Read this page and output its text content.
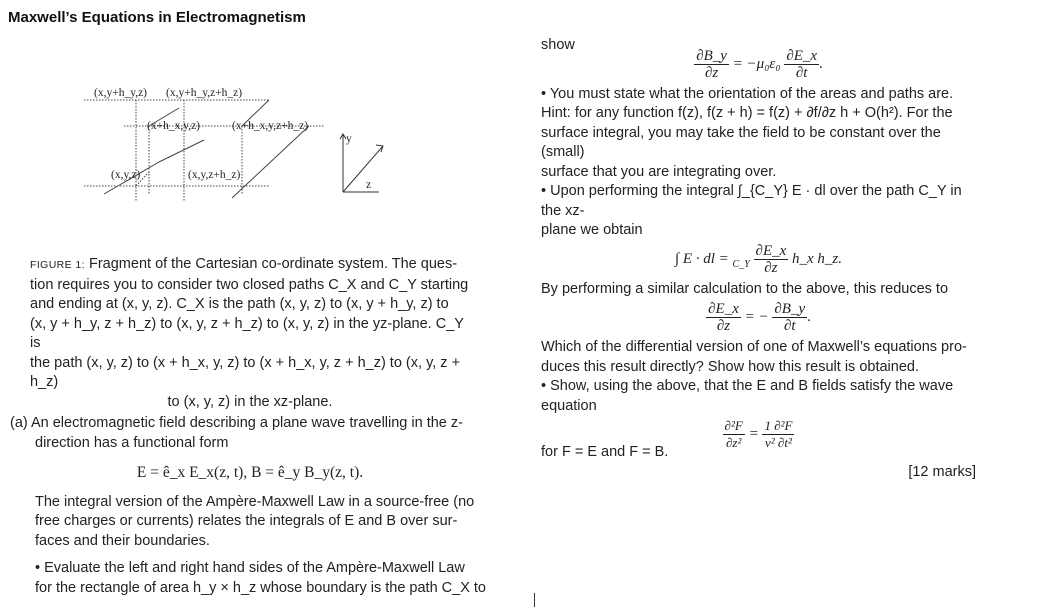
Maxwell’s Equations in Electromagnetism
(x,y+h_y,z) (x,y+h_y,z+h_z)
(x+h_x,y,z)	(x+h_x,y,z+h_z)
(x,y,z)	(x,y,z+h_z)
y
z
FIGURE 1: Fragment of the Cartesian co-ordinate system. The ques-
tion requires you to consider two closed paths C_X and C_Y starting
and ending at (x, y, z). C_X is the path (x, y, z) to (x, y + h_y, z) to
(x, y + h_y, z + h_z) to (x, y, z + h_z) to (x, y, z) in the yz-plane. C_Y is
the path (x, y, z) to (x + h_x, y, z) to (x + h_x, y, z + h_z) to (x, y, z + h_z)
to (x, y, z) in the xz-plane.

(a) An electromagnetic field describing a plane wave travelling in the z-

direction has a functional form

E = ê_x E_x(z, t), B = ê_y B_y(z, t).

The integral version of the Ampère-Maxwell Law in a source-free (no

free charges or currents) relates the integrals of E and B over sur-

faces and their boundaries.

• Evaluate the left and right hand sides of the Ampère-Maxwell Law

for the rectangle of area h_y × h_z whose boundary is the path C_X to

show

$\frac{\partial B\_y}{\partial z} = -\mu_0\varepsilon_0 \frac{\partial E\_x}{\partial t}$ .

• You must state what the orientation of the areas and paths are.

Hint: for any function f(z), f(z + h) = f(z) + ∂f/∂z h + O(h²). For the

surface integral, you may take the field to be constant over the (small)

surface that you are integrating over.

• Upon performing the integral ∫_{C_Y} E · dl over the path C_Y in the xz-

plane we obtain

∫ E · dl = $_{C\_Y} \frac{\partial E\_x}{\partial z}$ h_x h_z.

By performing a similar calculation to the above, this reduces to

$\frac{\partial E\_x}{\partial z}$ = − $\frac{\partial B\_y}{\partial t}$ .

Which of the differential version of one of Maxwell’s equations pro-

duces this result directly? Show how this result is obtained.

• Show, using the above, that the E and B fields satisfy the wave

equation

$\frac{\text{∂²F}}{\text{∂z²}} = \frac{\text{1 ∂²F}}{\text{v² ∂t²}}$

for F = E and F = B.

[12 marks]
